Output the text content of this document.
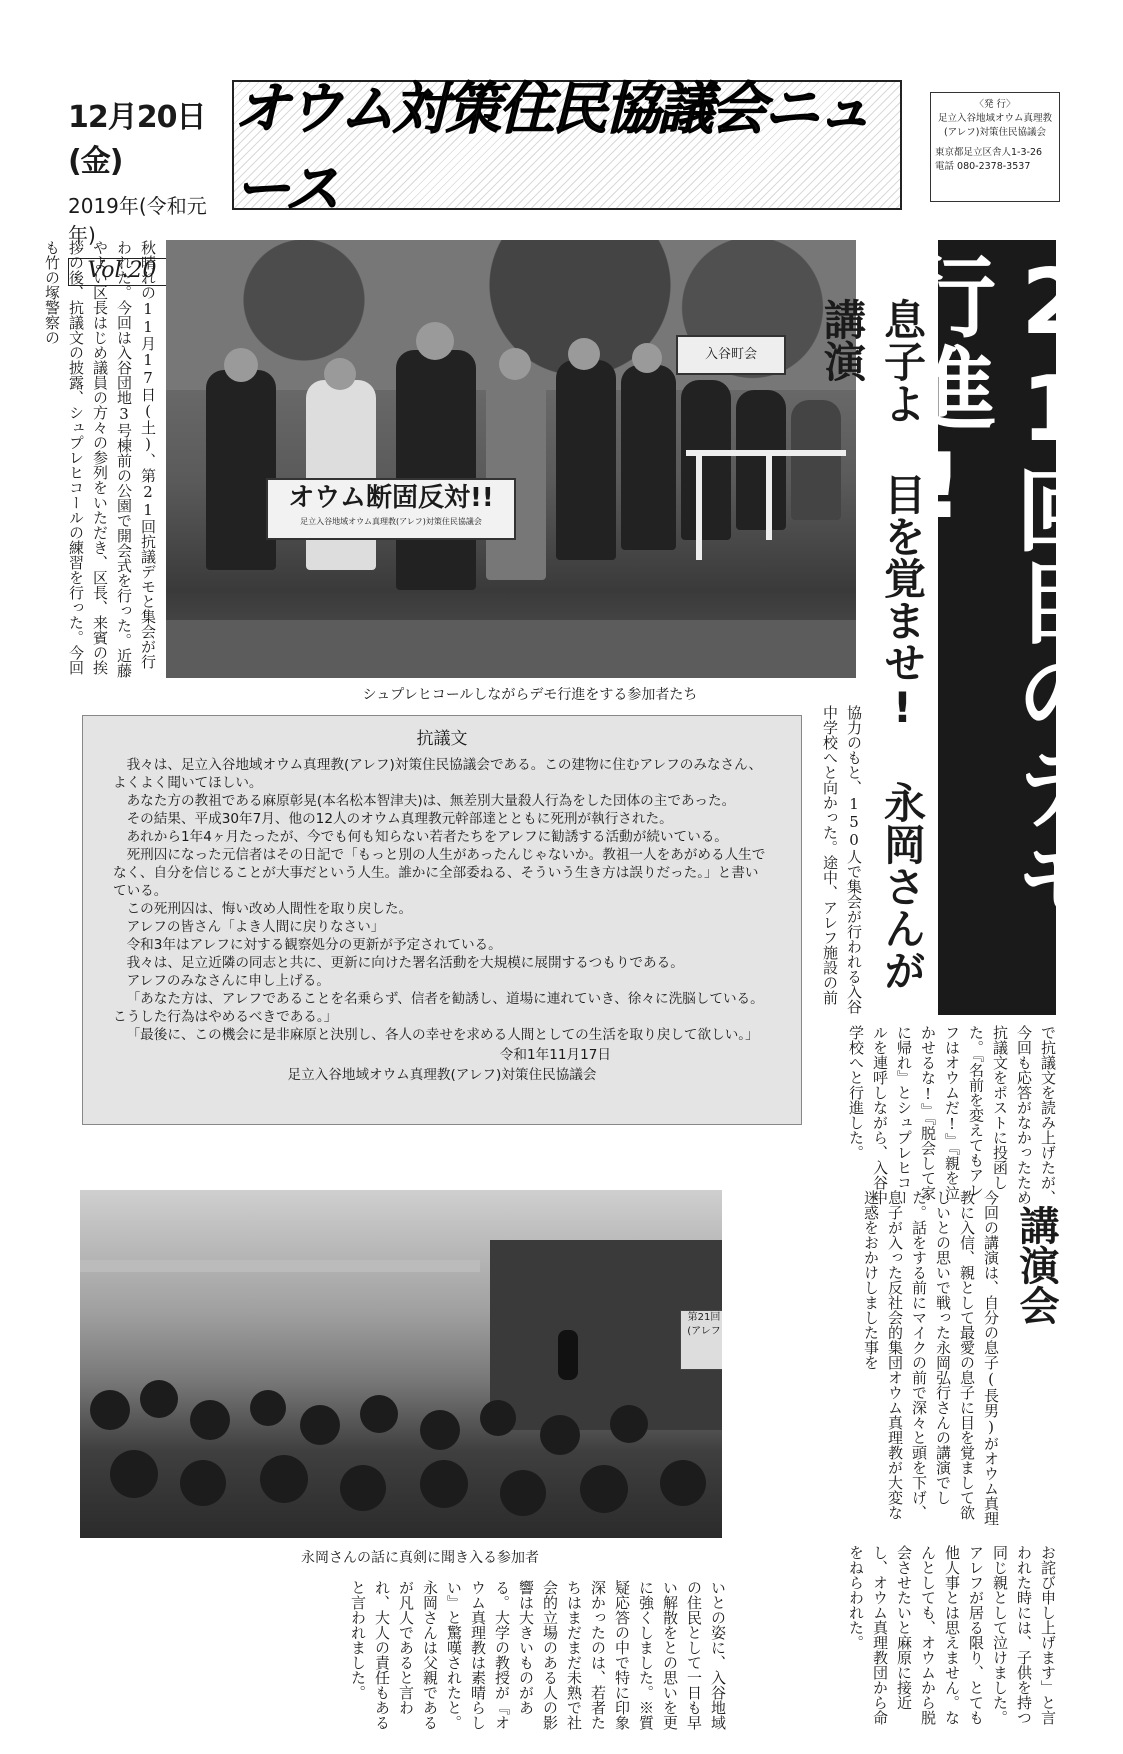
12月20日(金)
2019年(令和元年)
Vol.20
オウム対策住民協議会ニュース
〈発 行〉
足立入谷地域オウム真理教(アレフ)対策住民協議会
東京都足立区舎人1-3-26
電話 080-2378-3537
秋晴れの11月17日(土)、第21回抗議デモと集会が行われた。今回は入谷団地3号棟前の公園で開会式を行った。近藤やよい区長はじめ議員の方々の参列をいただき、区長、来賓の挨拶の後、抗議文の披露、シュプレヒコールの練習を行った。今回も竹の塚警察の
入谷町会
オウム断固反対!!
足立入谷地域オウム真理教(アレフ)対策住民協議会
シュプレヒコールしながらデモ行進をする参加者たち	21回目のデモ行進!
息子よ 目を覚ませ! 永岡さんが講演
協力のもと、150人で集会が行われる入谷中学校へと向かった。途中、アレフ施設の前
抗議文

我々は、足立入谷地域オウム真理教(アレフ)対策住民協議会である。この建物に住むアレフのみなさん、よくよく聞いてほしい。

あなた方の教祖である麻原彰晃(本名松本智津夫)は、無差別大量殺人行為をした団体の主であった。

その結果、平成30年7月、他の12人のオウム真理教元幹部達とともに死刑が執行された。

あれから1年4ヶ月たったが、今でも何も知らない若者たちをアレフに勧誘する活動が続いている。

死刑囚になった元信者はその日記で「もっと別の人生があったんじゃないか。教祖一人をあがめる人生でなく、自分を信じることが大事だという人生。誰かに全部委ねる、そういう生き方は誤りだった。」と書いている。

この死刑囚は、悔い改め人間性を取り戻した。

アレフの皆さん「よき人間に戻りなさい」

令和3年はアレフに対する観察処分の更新が予定されている。

我々は、足立近隣の同志と共に、更新に向けた署名活動を大規模に展開するつもりである。

アレフのみなさんに申し上げる。

「あなた方は、アレフであることを名乗らず、信者を勧誘し、道場に連れていき、徐々に洗脳している。こうした行為はやめるべきである。」

「最後に、この機会に是非麻原と決別し、各人の幸せを求める人間としての生活を取り戻して欲しい。」

令和1年11月17日
足立入谷地域オウム真理教(アレフ)対策住民協議会	で抗議文を読み上げたが、今回も応答がなかったため抗議文をポストに投函した。『名前を変えてもアレフはオウムだ!』『親を泣かせるな!』『脱会して家に帰れ』とシュプレヒコールを連呼しながら、入谷中学校へと行進した。
第21回(アレフ
永岡さんの話に真剣に聞き入る参加者
講演会
今回の講演は、自分の息子(長男)がオウム真理教に入信、親として最愛の息子に目を覚まして欲しいとの思いで戦った永岡弘行さんの講演でした。話をする前にマイクの前で深々と頭を下げ、息子が入った反社会的集団オウム真理教が大変な迷惑をおかけしました事を
お詫び申し上げます」と言われた時には、子供を持つ同じ親として泣けました。アレフが居る限り、とても他人事とは思えません。なんとしても、オウムから脱会させたいと麻原に接近し、オウム真理教団から命をねらわれた。
いとの姿に、入谷地域の住民として一日も早い解散をとの思いを更に強くしました。※質疑応答の中で特に印象深かったのは、若者たちはまだまだ未熟で社会的立場のある人の影響は大きいものがある。大学の教授が『オウム真理教は素晴らしい』と驚嘆されたと。永岡さんは父親であるが凡人であると言われ、大人の責任もあると言われました。
